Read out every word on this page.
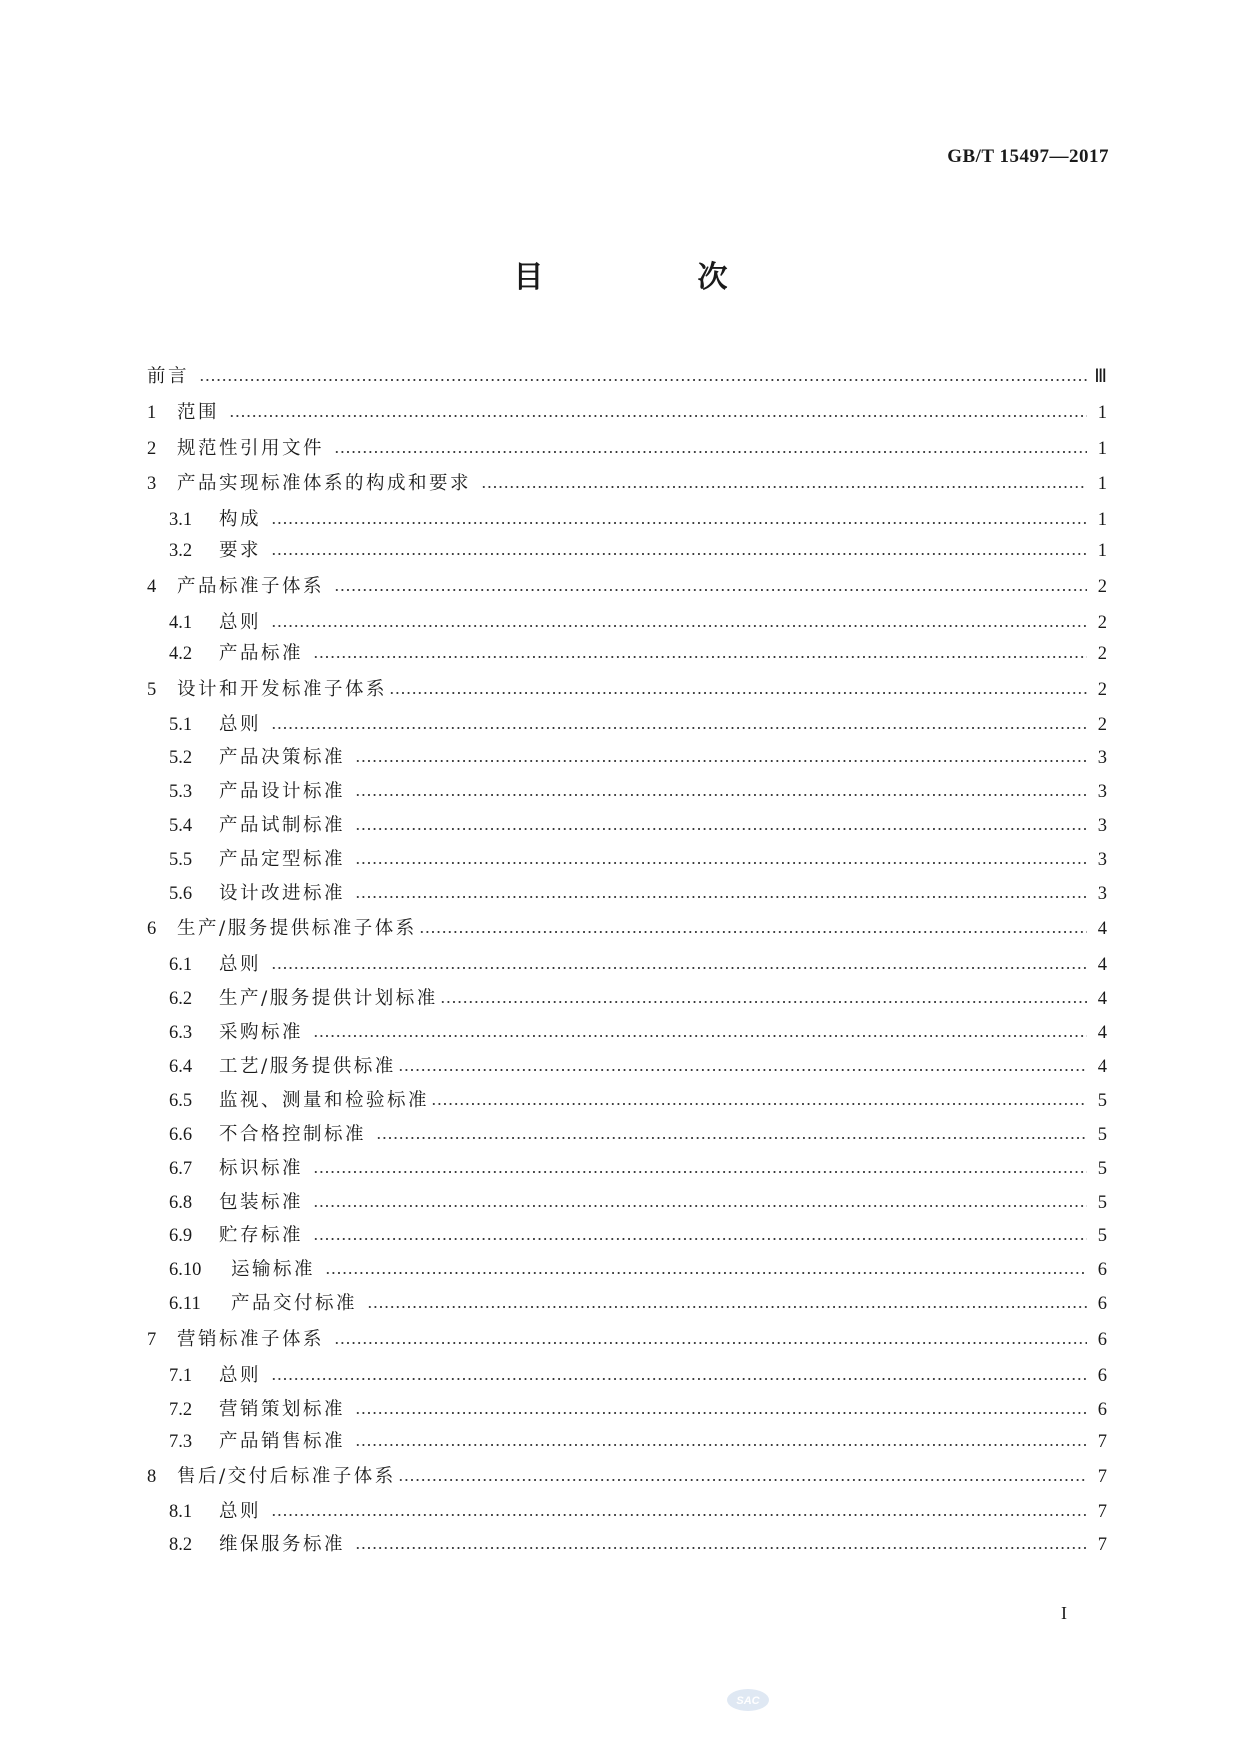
GB/T 15497—2017
目　次
前言	Ⅲ
1	范围	1
2	规范性引用文件	1
3	产品实现标准体系的构成和要求	1
3.1	构成	1
3.2	要求	1
4	产品标准子体系	2
4.1	总则	2
4.2	产品标准	2
5	设计和开发标准子体系	2
5.1	总则	2
5.2	产品决策标准	3
5.3	产品设计标准	3
5.4	产品试制标准	3
5.5	产品定型标准	3
5.6	设计改进标准	3
6	生产/服务提供标准子体系	4
6.1	总则	4
6.2	生产/服务提供计划标准	4
6.3	采购标准	4
6.4	工艺/服务提供标准	4
6.5	监视、测量和检验标准	5
6.6	不合格控制标准	5
6.7	标识标准	5
6.8	包装标准	5
6.9	贮存标准	5
6.10	运输标准	6
6.11	产品交付标准	6
7	营销标准子体系	6
7.1	总则	6
7.2	营销策划标准	6
7.3	产品销售标准	7
8	售后/交付后标准子体系	7
8.1	总则	7
8.2	维保服务标准	7
I
SAC
